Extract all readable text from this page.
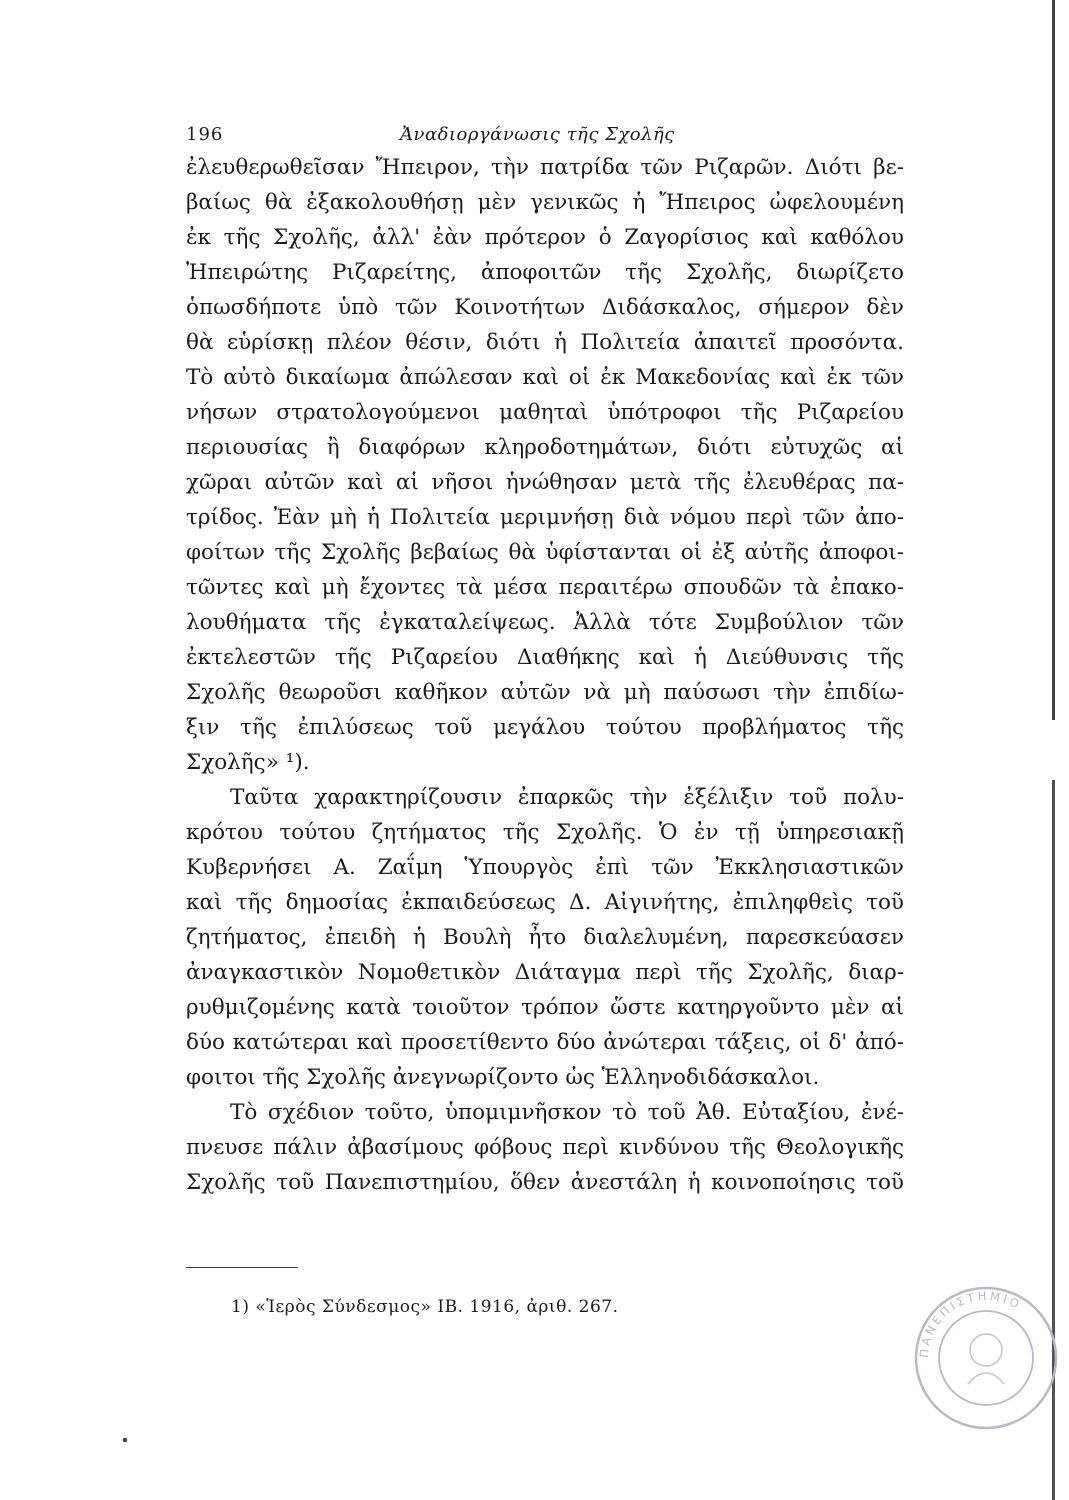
196	Ἀναδιοργάνωσις τῆς Σχολῆς
ἐλευθερωθεῖσαν Ἤπειρον, τὴν πατρίδα τῶν Ριζαρῶν. Διότι βε-
βαίως θὰ ἐξακολουθήσῃ μὲν γενικῶς ἡ Ἤπειρος ὠφελουμένη
ἐκ τῆς Σχολῆς, ἀλλ' ἐὰν πρότερον ὁ Ζαγορίσιος καὶ καθόλου
Ἠπειρώτης Ριζαρείτης, ἀποφοιτῶν τῆς Σχολῆς, διωρίζετο
ὁπωσδήποτε ὑπὸ τῶν Κοινοτήτων Διδάσκαλος, σήμερον δὲν
θὰ εὑρίσκῃ πλέον θέσιν, διότι ἡ Πολιτεία ἀπαιτεῖ προσόντα.
Τὸ αὐτὸ δικαίωμα ἀπώλεσαν καὶ οἱ ἐκ Μακεδονίας καὶ ἐκ τῶν
νήσων στρατολογούμενοι μαθηταὶ ὑπότροφοι τῆς Ριζαρείου
περιουσίας ἢ διαφόρων κληροδοτημάτων, διότι εὐτυχῶς αἱ
χῶραι αὐτῶν καὶ αἱ νῆσοι ἡνώθησαν μετὰ τῆς ἐλευθέρας πα-
τρίδος. Ἐὰν μὴ ἡ Πολιτεία μεριμνήσῃ διὰ νόμου περὶ τῶν ἀπο-
φοίτων τῆς Σχολῆς βεβαίως θὰ ὑφίστανται οἱ ἐξ αὐτῆς ἀποφοι-
τῶντες καὶ μὴ ἔχοντες τὰ μέσα περαιτέρω σπουδῶν τὰ ἐπακο-
λουθήματα τῆς ἐγκαταλείψεως. Ἀλλὰ τότε Συμβούλιον τῶν
ἐκτελεστῶν τῆς Ριζαρείου Διαθήκης καὶ ἡ Διεύθυνσις τῆς
Σχολῆς θεωροῦσι καθῆκον αὐτῶν νὰ μὴ παύσωσι τὴν ἐπιδίω-
ξιν τῆς ἐπιλύσεως τοῦ μεγάλου τούτου προβλήματος τῆς
Σχολῆς» ¹).
Ταῦτα χαρακτηρίζουσιν ἐπαρκῶς τὴν ἐξέλιξιν τοῦ πολυ-
κρότου τούτου ζητήματος τῆς Σχολῆς. Ὁ ἐν τῇ ὑπηρεσιακῇ
Κυβερνήσει Α. Ζαΐμη Ὑπουργὸς ἐπὶ τῶν Ἐκκλησιαστικῶν
καὶ τῆς δημοσίας ἐκπαιδεύσεως Δ. Αἰγινήτης, ἐπιληφθεὶς τοῦ
ζητήματος, ἐπειδὴ ἡ Βουλὴ ἦτο διαλελυμένη, παρεσκεύασεν
ἀναγκαστικὸν Νομοθετικὸν Διάταγμα περὶ τῆς Σχολῆς, διαρ-
ρυθμιζομένης κατὰ τοιοῦτον τρόπον ὥστε κατηργοῦντο μὲν αἱ
δύο κατώτεραι καὶ προσετίθεντο δύο ἀνώτεραι τάξεις, οἱ δ' ἀπό-
φοιτοι τῆς Σχολῆς ἀνεγνωρίζοντο ὡς Ἑλληνοδιδάσκαλοι.
Τὸ σχέδιον τοῦτο, ὑπομιμνῆσκον τὸ τοῦ Ἀθ. Εὐταξίου, ἐνέ-
πνευσε πάλιν ἀβασίμους φόβους περὶ κινδύνου τῆς Θεολογικῆς
Σχολῆς τοῦ Πανεπιστημίου, ὅθεν ἀνεστάλη ἡ κοινοποίησις τοῦ
1) «Ἱερὸς Σύνδεσμος» ΙΒ. 1916, ἀριθ. 267.
ΠΑΝΕΠΙΣΤΗΜΙΟ
